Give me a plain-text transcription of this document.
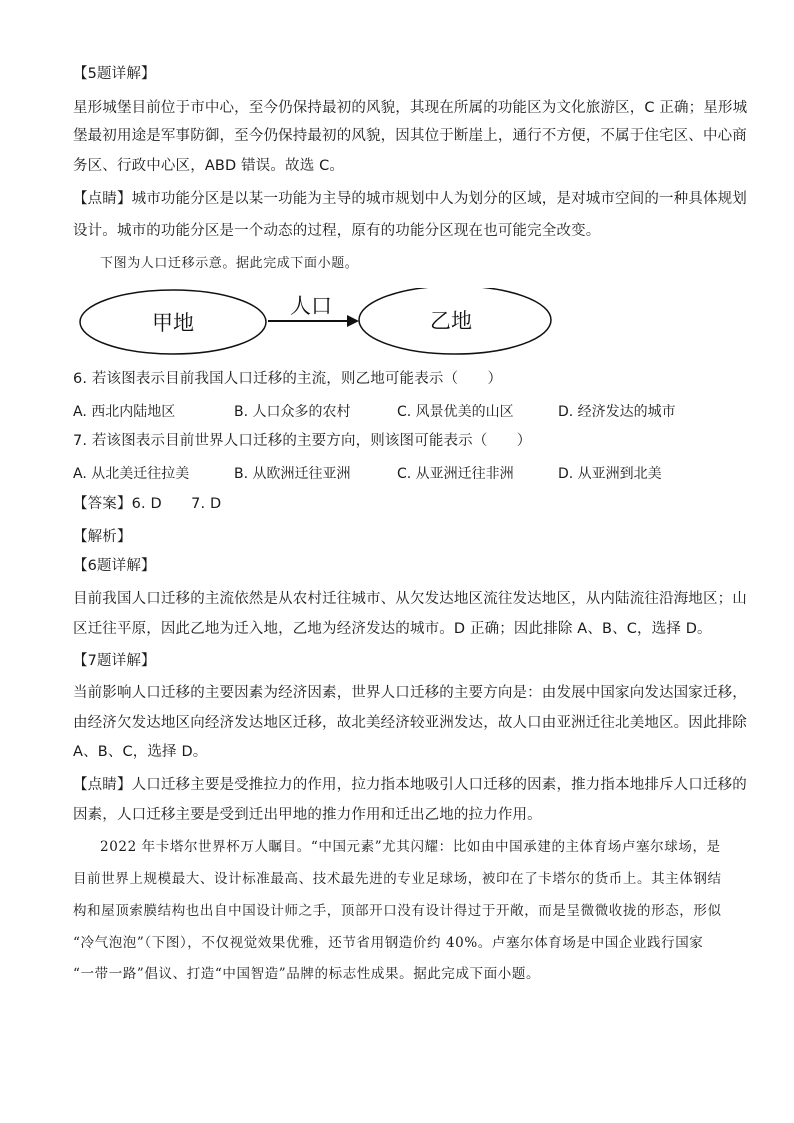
【5题详解】
星形城堡目前位于市中心，至今仍保持最初的风貌，其现在所属的功能区为文化旅游区，C 正确；星形城
堡最初用途是军事防御，至今仍保持最初的风貌，因其位于断崖上，通行不方便，不属于住宅区、中心商
务区、行政中心区，ABD 错误。故选 C。
【点睛】城市功能分区是以某一功能为主导的城市规划中人为划分的区域，是对城市空间的一种具体规划
设计。城市的功能分区是一个动态的过程，原有的功能分区现在也可能完全改变。
下图为人口迁移示意。据此完成下面小题。
甲地
人口
乙地
6. 若该图表示目前我国人口迁移的主流，则乙地可能表示（　　）
A. 西北内陆地区	B. 人口众多的农村	C. 风景优美的山区	D. 经济发达的城市
7. 若该图表示目前世界人口迁移的主要方向，则该图可能表示（　　）
A. 从北美迁往拉美	B. 从欧洲迁往亚洲	C. 从亚洲迁往非洲	D. 从亚洲到北美
【答案】6. D　　7. D
【解析】
【6题详解】
目前我国人口迁移的主流依然是从农村迁往城市、从欠发达地区流往发达地区，从内陆流往沿海地区；山
区迁往平原，因此乙地为迁入地，乙地为经济发达的城市。D 正确；因此排除 A、B、C，选择 D。
【7题详解】
当前影响人口迁移的主要因素为经济因素，世界人口迁移的主要方向是：由发展中国家向发达国家迁移，
由经济欠发达地区向经济发达地区迁移，故北美经济较亚洲发达，故人口由亚洲迁往北美地区。因此排除
A、B、C，选择 D。
【点睛】人口迁移主要是受推拉力的作用，拉力指本地吸引人口迁移的因素，推力指本地排斥人口迁移的
因素，人口迁移主要是受到迁出甲地的推力作用和迁出乙地的拉力作用。
2022 年卡塔尔世界杯万人瞩目。“中国元素”尤其闪耀：比如由中国承建的主体育场卢塞尔球场，是
目前世界上规模最大、设计标准最高、技术最先进的专业足球场，被印在了卡塔尔的货币上。其主体钢结
构和屋顶索膜结构也出自中国设计师之手，顶部开口没有设计得过于开敞，而是呈微微收拢的形态，形似
“冷气泡泡”（下图），不仅视觉效果优雅，还节省用钢造价约 40%。卢塞尔体育场是中国企业践行国家
“一带一路”倡议、打造“中国智造”品牌的标志性成果。据此完成下面小题。
